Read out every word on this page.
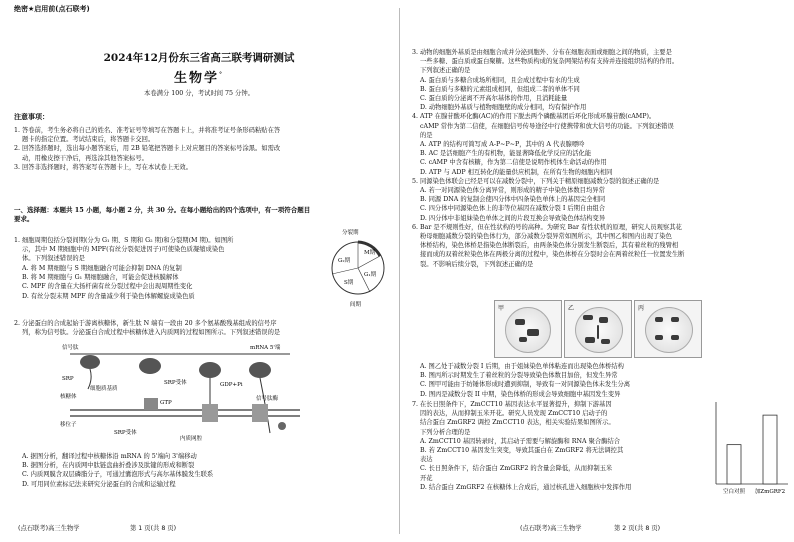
绝密★启用前(点石联考)
2024年12月份东三省高三联考调研测试
生物学°
本卷满分 100 分，考试时间 75 分钟。
注意事项：
1. 答卷前，考生务必将自己的姓名、准考证号等填写在答题卡上，并将准考证号条形码粘贴在答
题卡的指定位置。考试结束后，将答题卡交回。
2. 回答选择题时，选出每小题答案后，用 2B 铅笔把答题卡上对应题目的答案标号涂黑。如需改
动，用橡皮擦干净后，再选涂其他答案标号。
3. 回答非选择题时，将答案写在答题卡上，写在本试卷上无效。
一、选择题：本题共 15 小题，每小题 2 分，共 30 分。在每小题给出的四个选项中，有一项符合题目
要求。
1. 细胞周期包括分裂间期(分为 G₁ 期、S 期和 G₂ 期)和分裂期(M 期)。如图所
示，其中 M 期细胞中的 MPF(有丝分裂促进因子)可使染色质凝缩成染色
体。下列叙述错误的是
A. 将 M 期细胞与 S 期细胞融合可能会抑制 DNA 的复制
B. 将 M 期细胞与 G₁ 期细胞融合，可能会促进核膜解体
C. MPF 的含量在大扬杆菌有丝分裂过程中会出现周期性变化
D. 有丝分裂末期 MPF 的含量减少利于染色体解螺旋成染色质
分裂期
M期
G₂期
S期
G₁期
间期
2. 分泌蛋白的合成起始于游离核糖体，新生肽 N 端有一段由 20 多个氨基酸残基组成的信号序
列，称为信号肽。分泌蛋白合成过程中核糖体进入内质网的过程如图所示。下列叙述错误的是
信号肽	mRNA 5'端
SRP
SRP受体	GDP+Pi
GTP
核糖体
移位子
SRP受体
信号肽酶
内质网腔
细胞质基质
A. 据图分析，翻译过程中核糖体沿 mRNA 的 5'端向 3'端移动
B. 据图分析，在内质网中肽链盘曲折叠涉及肽键的形成和断裂
C. 内质网膜含双层磷脂分子，可通过囊泡形式与高尔基体膜发生联系
D. 可用同位素标记法来研究分泌蛋白的合成和运输过程
(点石联考)高三生物学	第 1 页(共 8 页)
3. 动物的细胞外基质是由细胞合成并分泌到胞外、分布在细胞表面或细胞之间的物质，主要是
一些多糖、蛋白质或蛋白聚糖。这些物质构成的复杂网架结构有支持并连接组织结构的作用。
下列叙述正确的是
A. 蛋白质与多糖合成场所相同，且会成过程中有水的生成
B. 蛋白质与多糖的元素组成相同，但组成二者的单体不同
C. 蛋白质的分泌离不开高尔基体的作用，且消耗能量
D. 动物细胞外基质与植物细胞壁的成分相同，均有保护作用
4. ATP 在腺苷酸环化酶(AC)的作用下脱去两个磷酸基团后环化形成环腺苷酸(cAMP)。
cAMP 常作为第二信使，在细胞信号传导途径中行使携带和放大信号的功能。下列叙述错误
的是
A. ATP 的结构可简写成 A-P~P~P，其中的 A 代表腺嘌呤
B. AC 是活细胞产生的有机物，能显著降低化学反应的活化能
C. cAMP 中含有核糖，作为第二信使是说明作机体生命活动的作用
D. ATP 与 ADP 相互转化的能量供应机制，在所有生物的细胞内相同
5. 同源染色体联会已经是可以在减数分裂中，下列关于精原细胞减数分裂的叙述正确的是
A. 若一对同源染色体分离异常，则形成的精子中染色体数目均异常
B. 同源 DNA 的复制会使四分体中四条染色单体上的基因完全相同
C. 四分体中同源染色体上的非等位基因在减数分裂 I 后期自由组合
D. 四分体中非姐妹染色单体之间的片段互换会导致染色体结构变异
6. Bar 是不规则性好，但在性状构的号的高种。为研究 Bar 有性状机的原理，研究人员观察其花
粉母细胞减数分裂的染色体行为，部分减数分裂异常如图所示，其中图乙和图内出现了染色
体桥结构，染色体桥是指染色体断裂后，由两条染色体分别发生断裂后，其有着丝粒的残臂相
接而成的双着丝粒染色体在两极分离的过程中，染色体桥在分裂时会在两着丝粒任一位置发生断
裂。不影响后续分裂，下列叙述正确的是
甲	乙	丙
A. 图乙处于减数分裂 I 后期，由于姐妹染色单体粘连而出现染色体桥结构
B. 图丙所示时期发生了着丝粒的分裂导致染色体数目加倍，但发生异常
C. 图甲可能由于纺锤体形成时遭到抑制，导致有一对同源染色体未发生分离
D. 图丙是减数分裂 II 中期，染色体桥的形成会导致细胞中基因发生变异
7. 在长日照条件下，ZmCCT10 基因表达水平显著提升，抑制下游基因
因的表达，从而抑制玉米开花。研究人员发现 ZmCCT10 启动子的
结合蛋白 ZmGRF2 调控 ZmCCT10 表达，相关实验结果如图所示。
下列分析合理的是
A. ZmCCT10 基因转录时，其启动子需要与解旋酶和 RNA 聚合酶结合
B. 若 ZmCCT10 基因发生突变，导致其蛋白在 ZmGRF2 将无法调控其
表达
C. 长日照条件下，结合蛋白 ZmGRF2 的含量会降低，从而抑制玉米
开花
D. 结合蛋白 ZmGRF2 在核糖体上合成后，通过核孔进入细胞核中发挥作用
空白对照 加ZmGRF2
(点石联考)高三生物学	第 2 页(共 8 页)
